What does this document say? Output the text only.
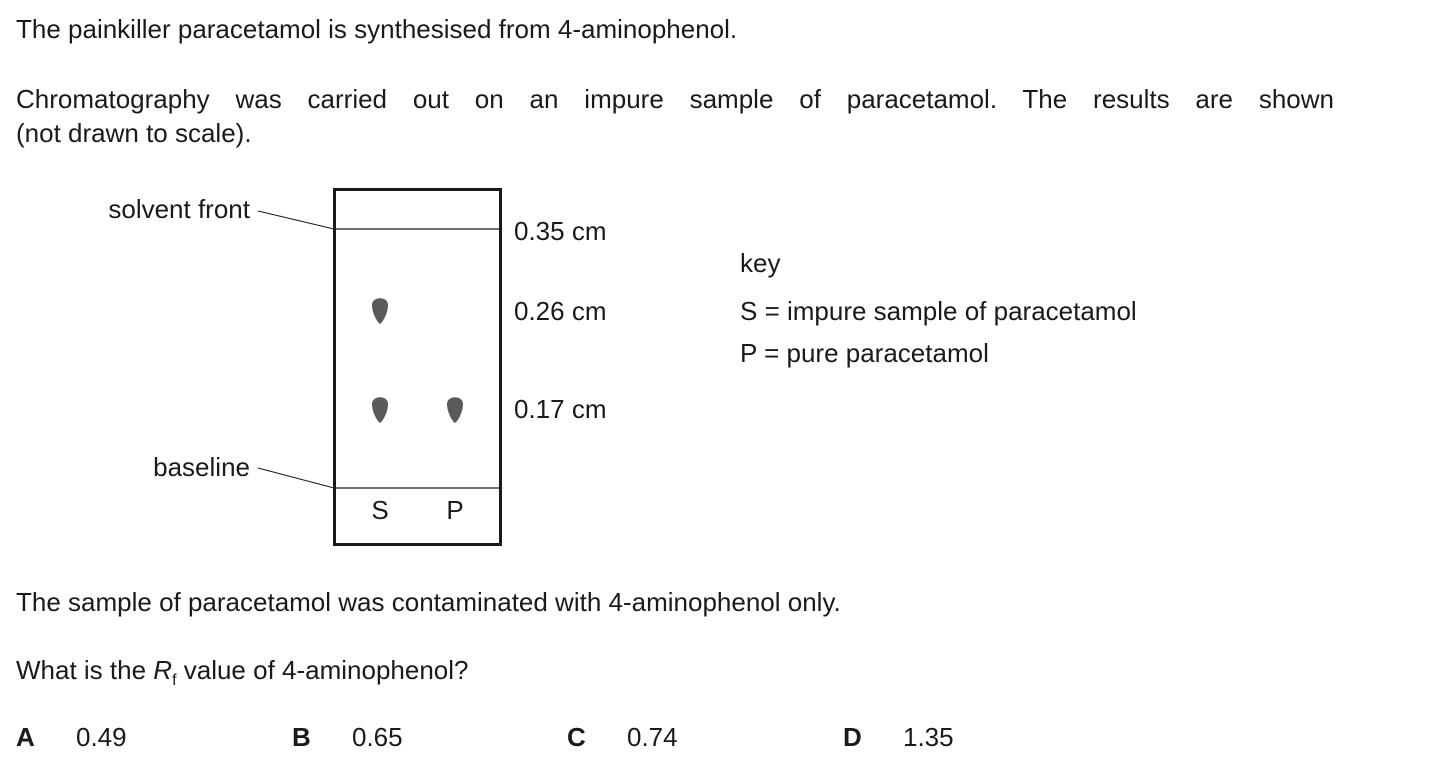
The painkiller paracetamol is synthesised from 4-aminophenol.

Chromatography was carried out on an impure sample of paracetamol. The results are shown

(not drawn to scale).

solvent front
baseline
0.35 cm
0.26 cm
0.17 cm
S P

key

S = impure sample of paracetamol

P = pure paracetamol

The sample of paracetamol was contaminated with 4-aminophenol only.

What is the $R_f$ value of 4-aminophenol?

A 0.49	B 0.65	C 0.74	D 1.35
